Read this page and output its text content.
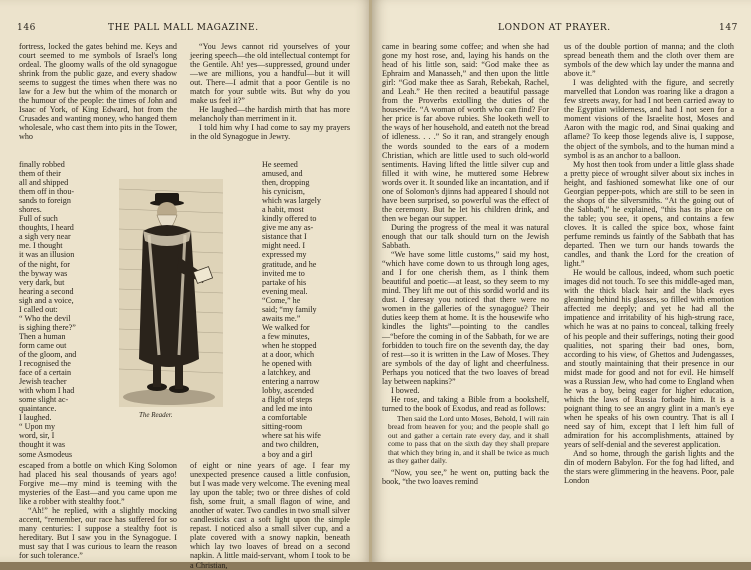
146	THE PALL MALL MAGAZINE.

fortress, locked the gates behind me. Keys and court seemed to me symbols of Israel's long ordeal. The gloomy walls of the old synagogue shrink from the public gaze, and every shadow seems to suggest the times when there was no law for a Jew but the whim of the monarch or the humour of the people: the times of John and Isaac of York, of King Edward, hot from the Crusades and wanting money, who hanged them wholesale, who cast them into pits in the Tower, who

finally robbed
them of their
all and shipped
them off in thou-
sands to foreign
shores.
Full of such
thoughts, I heard
a sigh very near
me. I thought
it was an illusion
of the night, for
the byway was
very dark, but
hearing a second
sigh and a voice,
I called out:
“ Who the devil
is sighing there?”
Then a human
form came out
of the gloom, and
I recognised the
face of a certain
Jewish teacher
with whom I had
some slight ac-
quaintance.
I laughed.
“ Upon my
word, sir, I
thought it was
some Asmodeus

escaped from a bottle on which King Solomon had placed his seal thousands of years ago! Forgive me—my mind is teeming with the mysteries of the East—and you came upon me like a robber with stealthy foot.”

“Ah!” he replied, with a slightly mocking accent, “remember, our race has suffered for so many centuries: I suppose a stealthy foot is hereditary. But I saw you in the Synagogue. I must say that I was curious to learn the reason for such tolerance.”

“You Jews cannot rid yourselves of your jeering speech—the old intellectual contempt for the Gentile. Ah! yes—suppressed, ground under—we are millions, you a handful—but it will out. There—I admit that a poor Gentile is no match for your subtle wits. But why do you make us feel it?”

He laughed—the hardish mirth that has more melancholy than merriment in it.

I told him why I had come to say my prayers in the old Synagogue in Jewry.

He seemed
amused, and
then, dropping
his cynicism,
which was largely
a habit, most
kindly offered to
give me any as-
sistance that I
might need. I
expressed my
gratitude, and he
invited me to
partake of his
evening meal.
“Come,” he
said; “my family
awaits me.”
We walked for
a few minutes,
when he stopped
at a door, which
he opened with
a latchkey, and
entering a narrow
lobby, ascended
a flight of steps
and led me into
a comfortable
sitting-room
where sat his wife
and two children,
a boy and a girl

of eight or nine years of age. I fear my unexpected presence caused a little confusion, but I was made very welcome. The evening meal lay upon the table; two or three dishes of cold fish, some fruit, a small flagon of wine, and another of water. Two candles in two small silver candlesticks cast a soft light upon the simple repast. I noticed also a small silver cup, and a plate covered with a snowy napkin, beneath which lay two loaves of bread on a second napkin. A little maid-servant, whom I took to be a Christian,

The Reader.
LONDON AT PRAYER.	147

came in bearing some coffee; and when she had gone my host rose, and, laying his hands on the head of his little son, said: “God make thee as Ephraim and Manasseh,” and then upon the little girl: “God make thee as Sarah, Rebekah, Rachel, and Leah.” He then recited a beautiful passage from the Proverbs extolling the duties of the housewife. “A woman of worth who can find? For her price is far above rubies. She looketh well to the ways of her household, and eateth not the bread of idleness. . . .” So it ran, and strangely enough the words sounded to the ears of a modern Christian, which are little used to such old-world sentiments. Having lifted the little silver cup and filled it with wine, he muttered some Hebrew words over it. It sounded like an incantation, and if one of Solomon's djinns had appeared I should not have been surprised, so powerful was the effect of the ceremony. But he let his children drink, and then we began our supper.

During the progress of the meal it was natural enough that our talk should turn on the Jewish Sabbath.

“We have some little customs,” said my host, “which have come down to us through long ages, and I for one cherish them, as I think them beautiful and poetic—at least, so they seem to my mind. They lift me out of this sordid world and its dust. I daresay you noticed that there were no women in the galleries of the synagogue? Their duties keep them at home. It is the housewife who kindles the lights”—pointing to the candles—“before the coming in of the Sabbath, for we are forbidden to touch fire on the seventh day, the day of rest—so it is written in the Law of Moses. They are symbols of the day of light and cheerfulness. Perhaps you noticed that the two loaves of bread lay between napkins?”

I bowed.

He rose, and taking a Bible from a bookshelf, turned to the book of Exodus, and read as follows:

Then said the Lord unto Moses, Behold, I will rain bread from heaven for you; and the people shall go out and gather a certain rate every day, and it shall come to pass that on the sixth day they shall prepare that which they bring in, and it shall be twice as much as they gather daily.

“Now, you see,” he went on, putting back the book, “the two loaves remind

us of the double portion of manna; and the cloth spread beneath them and the cloth over them are symbols of the dew which lay under the manna and above it.”

I was delighted with the figure, and secretly marvelled that London was roaring like a dragon a few streets away, for had I not been carried away to the Egyptian wilderness, and had I not seen for a moment visions of the Israelite host, Moses and Aaron with the magic rod, and Sinai quaking and aflame? To keep those legends alive is, I suppose, the object of the symbols, and to the human mind a symbol is as an anchor to a balloon.

My host then took from under a little glass shade a pretty piece of wrought silver about six inches in height, and fashioned somewhat like one of our Georgian pepper-pots, which are still to be seen in the shops of the silversmiths. “At the going out of the Sabbath,” he explained, “this has its place on the table; you see, it opens, and contains a few cloves. It is called the spice box, whose faint perfume reminds us faintly of the Sabbath that has departed. Then we turn our hands towards the candles, and thank the Lord for the creation of light.”

He would be callous, indeed, whom such poetic images did not touch. To see this middle-aged man, with the thick black hair and the black eyes gleaming behind his glasses, so filled with emotion affected me deeply; and yet he had all the impatience and irritability of his high-strung race, which he was at no pains to conceal, talking freely of his people and their sufferings, noting their good qualities, not sparing their bad ones, born, according to his view, of Ghettos and Judengasses, and stoutly maintaining that their presence in our midst made for good and not for evil. He himself was a Russian Jew, who had come to England when he was a boy, being eager for higher education, which the laws of Russia forbade him. It is a poignant thing to see an angry glint in a man's eye when he speaks of his own country. That is all I need say of him, except that I left him full of admiration for his accomplishments, attained by years of self-denial and the severest application.

And so home, through the garish lights and the din of modern Babylon. For the fog had lifted, and the stars were glimmering in the heavens. Poor, pale London
